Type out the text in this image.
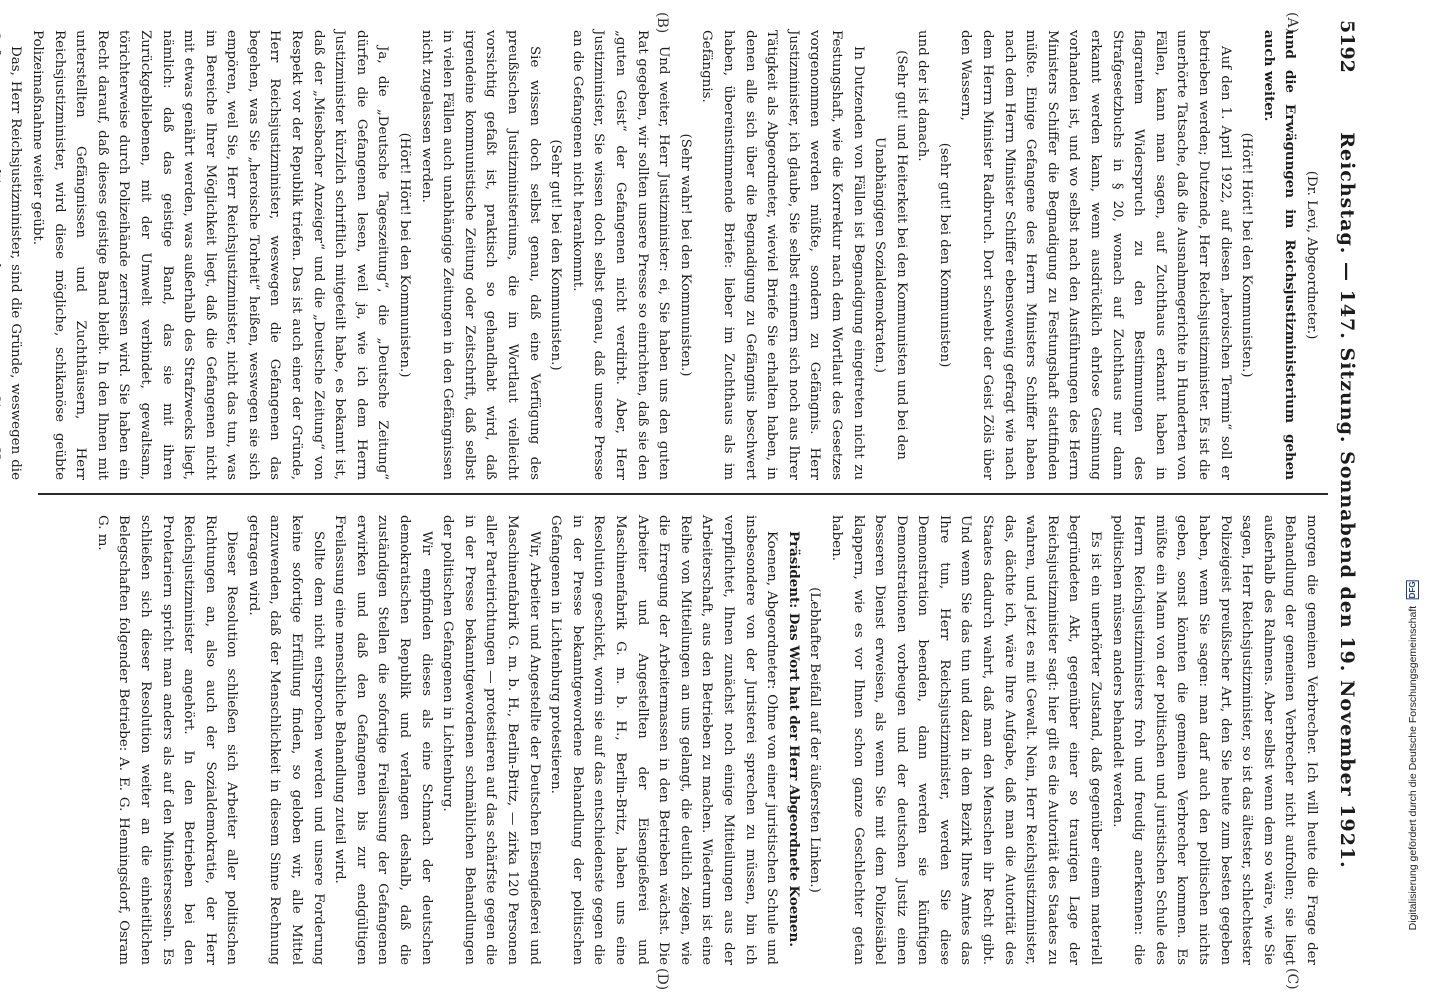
5192
Reichstag. — 147. Sitzung. Sonnabend den 19. November 1921.
(A)
(B)
(C)
(D)

(Dr. Levi, Abgeordneter.)

und die Erwägungen im Reichsjustizministerium gehen auch weiter.

(Hört! Hört! bei den Kommunisten.)

Auf den 1. April 1922, auf diesen „heroischen Termin“ soll er betrieben werden; Dutzende, Herr Reichsjustizminister. Es ist die unerhörte Tatsache, daß die Ausnahmegerichte in Hunderten von Fällen, kann man sagen, auf Zuchthaus erkannt haben in flagrantem Widerspruch zu den Bestimmungen des Strafgesetzbuchs in § 20, wonach auf Zuchthaus nur dann erkannt werden kann, wenn ausdrücklich ehrlose Gesinnung vorhanden ist, und wo selbst nach den Ausführungen des Herrn Ministers Schiffer die Begnadigung zu Festungshaft stattfinden müßte. Einige Gefangene des Herrn Ministers Schiffer haben nach dem Herrn Minister Schiffer ebensowenig gefragt wie nach dem Herrn Minister Radbruch. Dort schwebt der Geist Zöls über den Wassern,

(sehr gut! bei den Kommunisten)

und der ist danach.

(Sehr gut! und Heiterkeit bei den Kommunisten und bei den Unabhängigen Sozialdemokraten.)

In Dutzenden von Fällen ist Begnadigung eingetreten nicht zu Festungshaft, wie die Korrektur nach dem Wortlaut des Gesetzes vorgenommen werden müßte, sondern zu Gefängnis. Herr Justizminister, ich glaube, Sie selbst erinnern sich noch aus Ihrer Tätigkeit als Abgeordneter, wieviel Briefe Sie erhalten haben, in denen alle sich über die Begnadigung zu Gefängnis beschwert haben, übereinstimmende Briefe: lieber im Zuchthaus als im Gefängnis.

(Sehr wahr! bei den Kommunisten.)

Und weiter, Herr Justizminister: ei, Sie haben uns den guten Rat gegeben, wir sollten unsere Presse so einrichten, daß sie den „guten Geist“ der Gefangenen nicht verdirbt. Aber, Herr Justizminister, Sie wissen doch selbst genau, daß unsere Presse an die Gefangenen nicht herankommt.

(Sehr gut! bei den Kommunisten.)

Sie wissen doch selbst genau, daß eine Verfügung des preußischen Justizministeriums, die im Wortlaut vielleicht vorsichtig gefaßt ist, praktisch so gehandhabt wird, daß irgendeine kommunistische Zeitung oder Zeitschrift, daß selbst in vielen Fällen auch unabhängige Zeitungen in den Gefängnissen nicht zugelassen werden.

(Hört! Hört! bei den Kommunisten.)

Ja, die „Deutsche Tageszeitung“, die „Deutsche Zeitung“ dürfen die Gefangenen lesen, weil ja, wie ich dem Herrn Justizminister kürzlich schriftlich mitgeteilt habe, es bekannt ist, daß der „Miesbacher Anzeiger“ und die „Deutsche Zeitung“ von Respekt vor der Republik triefen. Das ist auch einer der Gründe, Herr Reichsjustizminister, weswegen die Gefangenen das begehen, was Sie „heroische Torheit“ heißen, weswegen sie sich empören, weil Sie, Herr Reichsjustizminister, nicht das tun, was im Bereiche Ihrer Möglichkeit liegt, daß die Gefangenen nicht mit etwas genährt werden, was außerhalb des Strafzwecks liegt, nämlich: daß das geistige Band, das sie mit ihren Zurückgebliebenen, mit der Umwelt verbindet, gewaltsam, törichterweise durch Polizeihände zerrissen wird. Sie haben ein Recht darauf, daß dieses geistige Band bleibt. In den Ihnen mit unterstellten Gefängnissen und Zuchthäusern, Herr Reichsjustizminister, wird diese mögliche, schikanöse geübte Polizeimaßnahme weiter geübt.

Das, Herr Reichsjustizminister, sind die Gründe, weswegen die

morgen die gemeinen Verbrecher. Ich will heute die Frage der Behandlung der gemeinen Verbrecher nicht aufrollen; sie liegt außerhalb des Rahmens. Aber selbst wenn dem so wäre, wie Sie sagen, Herr Reichsjustizminister, so ist das ältester, schlechtester Polizeigeist preußischer Art, den Sie heute zum besten gegeben haben, wenn Sie sagen: man darf auch den politischen nichts geben, sonst könnten die gemeinen Verbrecher kommen. Es müßte ein Mann von der politischen und juristischen Schule des Herrn Reichsjustizministers froh und freudig anerkennen: die politischen müssen anders behandelt werden.

Es ist ein unerhörter Zustand, daß gegenüber einem materiell begründeten Akt, gegenüber einer so traurigen Lage der Reichsjustizminister sagt: hier gilt es die Autorität des Staates zu wahren, und jetzt es mit Gewalt. Nein, Herr Reichsjustizminister, das, dächte ich, wäre Ihre Aufgabe, daß man die Autorität des Staates dadurch wahrt, daß man den Menschen ihr Recht gibt. Und wenn Sie das tun und dazu in dem Bezirk Ihres Amtes das Ihre tun, Herr Reichsjustizminister, werden Sie diese Demonstration beenden, dann werden sie künftigen Demonstrationen vorbeugen und der deutschen Justiz einen besseren Dienst erweisen, als wenn Sie mit dem Polizeisäbel klappern, wie es vor Ihnen schon ganze Geschlechter getan haben.

(Lebhafter Beifall auf der äußersten Linken.)

Präsident: Das Wort hat der Herr Abgeordnete Koenen.

Koenen, Abgeordneter: Ohne von einer juristischen Schule und insbesondere von der Juristerei sprechen zu müssen, bin ich verpflichtet, Ihnen zunächst noch einige Mitteilungen aus der Arbeiterschaft, aus den Betrieben zu machen. Wiederum ist eine Reihe von Mitteilungen an uns gelangt, die deutlich zeigen, wie die Erregung der Arbeitermassen in den Betrieben wächst. Die Arbeiter und Angestellten der Eisengießerei und Maschinenfabrik G. m. b. H., Berlin-Britz, haben uns eine Resolution geschickt, worin sie auf das entschiedenste gegen die in der Presse bekanntgewordene Behandlung der politischen Gefangenen in Lichtenburg protestieren.

Wir, Arbeiter und Angestellte der Deutschen Eisengießerei und Maschinenfabrik G. m. b. H., Berlin-Britz, — zirka 120 Personen aller Parteirichtungen — protestieren auf das schärfste gegen die in der Presse bekanntgewordenen schmählichen Behandlungen der politischen Gefangenen in Lichtenburg.

Wir empfinden dieses als eine Schmach der deutschen demokratischen Republik und verlangen deshalb, daß die zuständigen Stellen die sofortige Freilassung der Gefangenen erwirken und daß den Gefangenen bis zur endgültigen Freilassung eine menschliche Behandlung zuteil wird.

Sollte dem nicht entsprochen werden und unsere Forderung keine sofortige Erfüllung finden, so geloben wir, alle Mittel anzuwenden, daß der Menschlichkeit in diesem Sinne Rechnung getragen wird.

Dieser Resolution schließen sich Arbeiter aller politischen Richtungen an, also auch der Sozialdemokratie, der Herr Reichsjustizminister angehört. In den Betrieben bei den Proletariern spricht man anders als auf den Ministersesseln. Es schließen sich dieser Resolution weiter an die einheitlichen Belegschaften folgender Betriebe: A. E. G. Henningsdorf, Osram G. m.

Digitalisierung gefördert durch die Deutsche Forschungsgemeinschaft DFG
